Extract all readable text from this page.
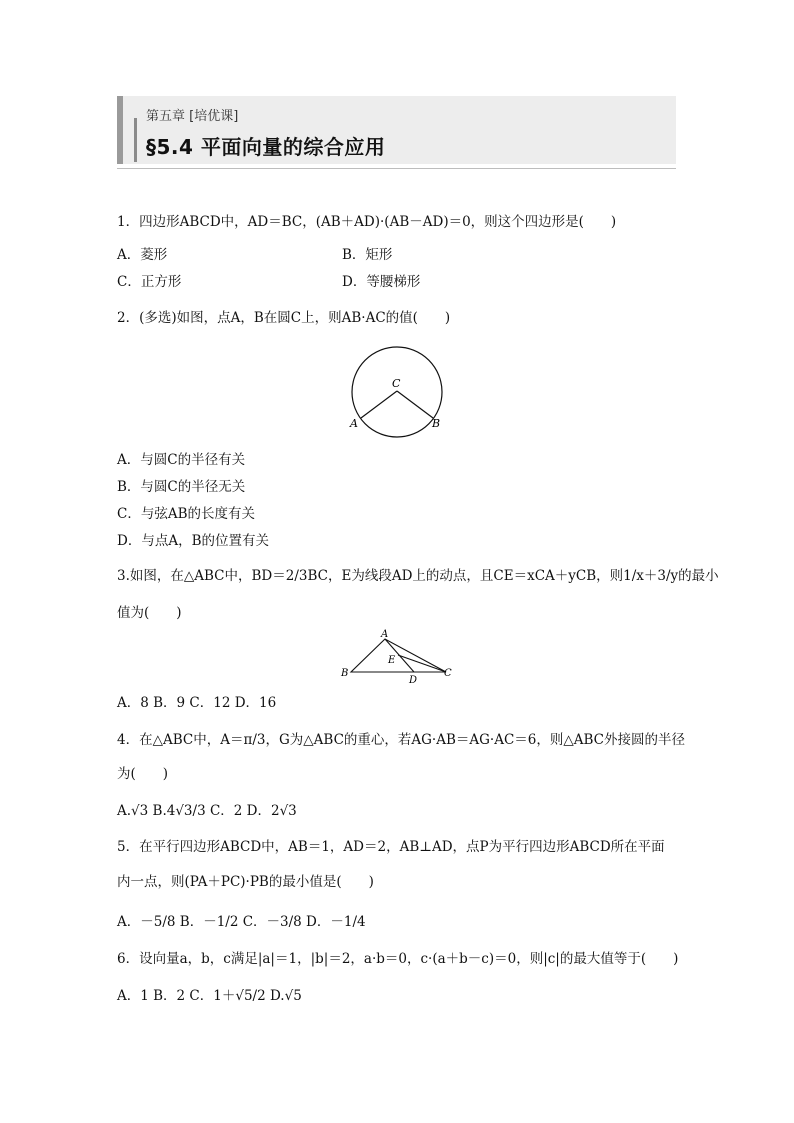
第五章 [培优课]
§5.4 平面向量的综合应用
1．四边形ABCD中，AD＝BC，(AB＋AD)·(AB－AD)＝0，则这个四边形是(　　)
A．菱形	B．矩形
C．正方形	D．等腰梯形
2．(多选)如图，点A，B在圆C上，则AB·AC的值(　　)
C
A	B
A．与圆C的半径有关
B．与圆C的半径无关
C．与弦AB的长度有关
D．与点A，B的位置有关
3.如图，在△ABC中，BD＝2/3BC，E为线段AD上的动点，且CE＝xCA＋yCB，则1/x＋3/y的最小
值为(　　)
A
E
B
D
C
A．8 B．9 C．12 D．16
4．在△ABC中，A＝π/3，G为△ABC的重心，若AG·AB＝AG·AC＝6，则△ABC外接圆的半径
为(　　)
A.√3 B.4√3/3 C．2 D．2√3
5．在平行四边形ABCD中，AB＝1，AD＝2，AB⊥AD，点P为平行四边形ABCD所在平面
内一点，则(PA＋PC)·PB的最小值是(　　)
A．－5/8 B．－1/2 C．－3/8 D．－1/4
6．设向量a，b，c满足|a|＝1，|b|＝2，a·b＝0，c·(a＋b－c)＝0，则|c|的最大值等于(　　)
A．1 B．2 C．1＋√5/2 D.√5
